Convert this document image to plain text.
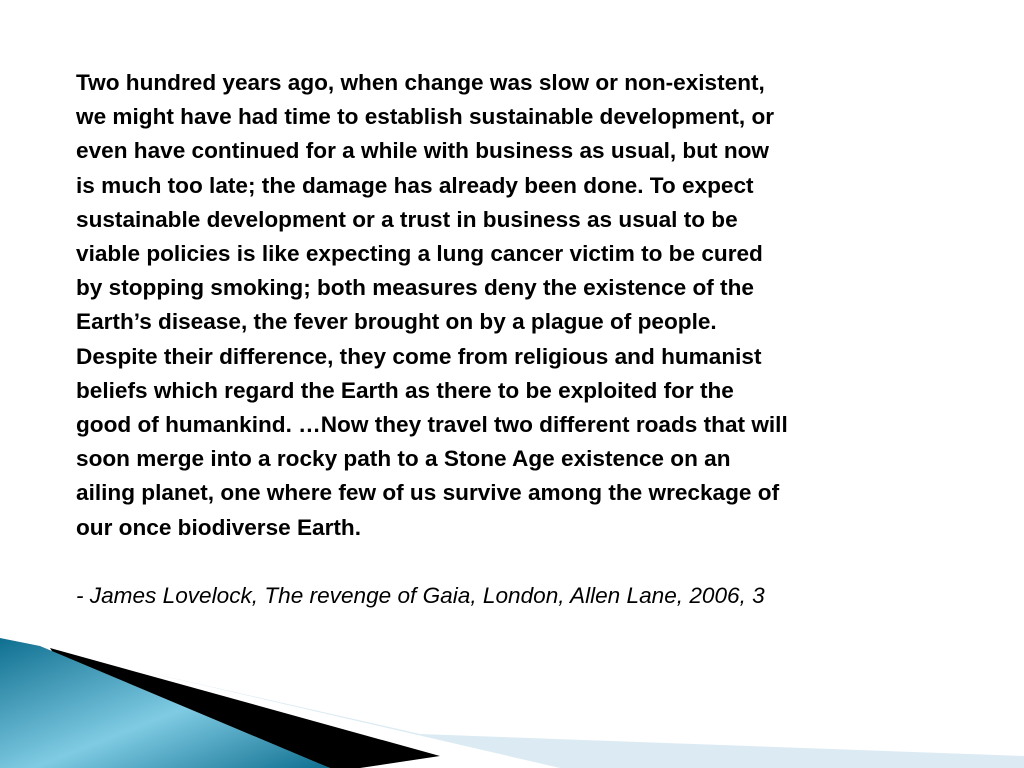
Two hundred years ago, when change was slow or non-existent,
we might have had time to establish sustainable development, or
even have continued for a while with business as usual, but now
is much too late; the damage has already been done. To expect
sustainable development or a trust in business as usual to be
viable policies is like expecting a lung cancer victim to be cured
by stopping smoking; both measures deny the existence of the
Earth’s disease, the fever brought on by a plague of people.
Despite their difference, they come from religious and humanist
beliefs which regard the Earth as there to be exploited for the
good of humankind. …Now they travel two different roads that will
soon merge into a rocky path to a Stone Age existence on an
ailing planet, one where few of us survive among the wreckage of
our once biodiverse Earth.

- James Lovelock, The revenge of Gaia, London, Allen Lane, 2006, 3
